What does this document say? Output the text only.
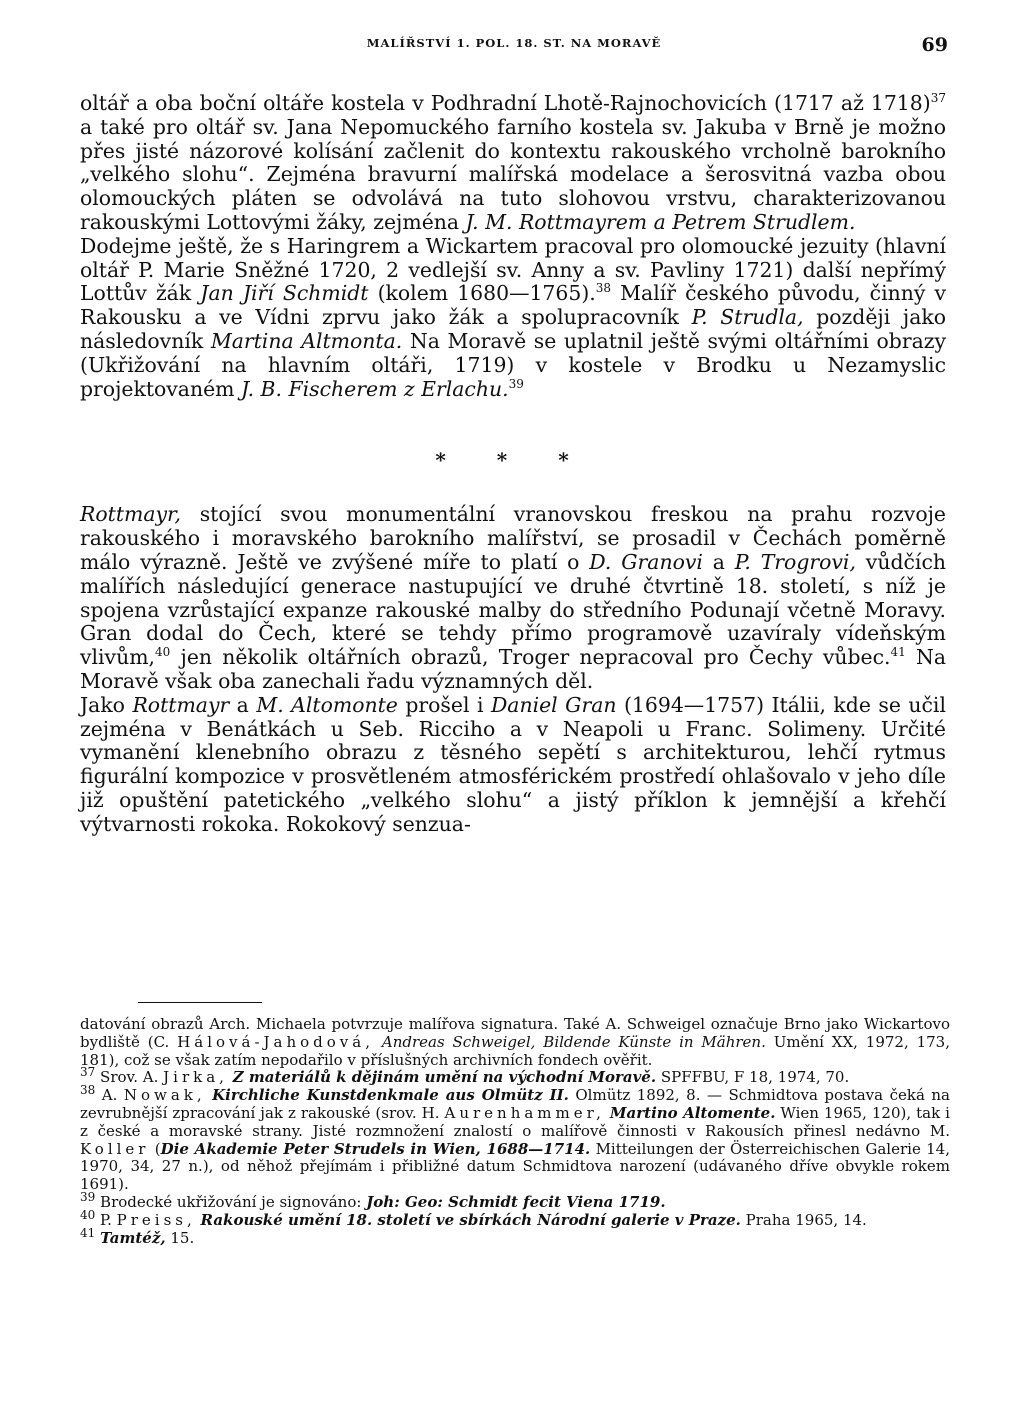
MALÍŘSTVÍ 1. POL. 18. ST. NA MORAVĚ	69

oltář a oba boční oltáře kostela v Podhradní Lhotě-Rajnochovicích (1717 až 1718)$^{37}$ a také pro oltář sv. Jana Nepomuckého farního kostela sv. Jakuba v Brně je možno přes jisté názorové kolísání začlenit do kontextu rakouského vrcholně barokního „velkého slohu“. Zejména bravurní malířská modelace a šerosvitná vazba obou olomouckých pláten se odvolává na tuto slohovou vrstvu, charakterizovanou rakouskými Lottovými žáky, zejména J. M. Rottmayrem a Petrem Strudlem.

Dodejme ještě, že s Haringrem a Wickartem pracoval pro olomoucké jezuity (hlavní oltář P. Marie Sněžné 1720, 2 vedlejší sv. Anny a sv. Pavliny 1721) další nepřímý Lottův žák Jan Jiří Schmidt (kolem 1680—1765).$^{38}$ Malíř českého původu, činný v Rakousku a ve Vídni zprvu jako žák a spolupracovník P. Strudla, později jako následovník Martina Altmonta. Na Moravě se uplatnil ještě svými oltářními obrazy (Ukřižování na hlavním oltáři, 1719) v kostele v Brodku u Nezamyslic projektovaném J. B. Fischerem z Erlachu.$^{39}$

* * *

Rottmayr, stojící svou monumentální vranovskou freskou na prahu rozvoje rakouského i moravského barokního malířství, se prosadil v Čechách poměrně málo výrazně. Ještě ve zvýšené míře to platí o D. Granovi a P. Trogrovi, vůdčích malířích následující generace nastupující ve druhé čtvrtině 18. století, s níž je spojena vzrůstající expanze rakouské malby do středního Podunají včetně Moravy. Gran dodal do Čech, které se tehdy přímo programově uzavíraly vídeňským vlivům,$^{40}$ jen několik oltářních obrazů, Troger nepracoval pro Čechy vůbec.$^{41}$ Na Moravě však oba zanechali řadu významných děl.

Jako Rottmayr a M. Altomonte prošel i Daniel Gran (1694—1757) Itálii, kde se učil zejména v Benátkách u Seb. Ricciho a v Neapoli u Franc. Solimeny. Určité vymanění klenebního obrazu z těsného sepětí s architekturou, lehčí rytmus figurální kompozice v prosvětleném atmosférickém prostředí ohlašovalo v jeho díle již opuštění patetického „velkého slohu“ a jistý příklon k jemnější a křehčí výtvarnosti rokoka. Rokokový senzua-

datování obrazů Arch. Michaela potvrzuje malířova signatura. Také A. Schweigel označuje Brno jako Wickartovo bydliště (C. Hálová-Jahodová, Andreas Schweigel, Bildende Künste in Mähren. Umění XX, 1972, 173, 181), což se však zatím nepodařilo v příslušných archivních fondech ověřit.

$^{37}$ Srov. A. Jirka, Z materiálů k dějinám umění na východní Moravě. SPFFBU, F 18, 1974, 70.

$^{38}$ A. Nowak, Kirchliche Kunstdenkmale aus Olmütz II. Olmütz 1892, 8. — Schmidtova postava čeká na zevrubnější zpracování jak z rakouské (srov. H. Aurenhammer, Martino Altomente. Wien 1965, 120), tak i z české a moravské strany. Jisté rozmnožení znalostí o malířově činnosti v Rakousích přinesl nedávno M. Koller (Die Akademie Peter Strudels in Wien, 1688—1714. Mitteilungen der Österreichischen Galerie 14, 1970, 34, 27 n.), od něhož přejímám i přibližné datum Schmidtova narození (udávaného dříve obvykle rokem 1691).

$^{39}$ Brodecké ukřižování je signováno: Joh: Geo: Schmidt fecit Viena 1719.

$^{40}$ P. Preiss, Rakouské umění 18. století ve sbírkách Národní galerie v Praze. Praha 1965, 14.

$^{41}$ Tamtéž, 15.
